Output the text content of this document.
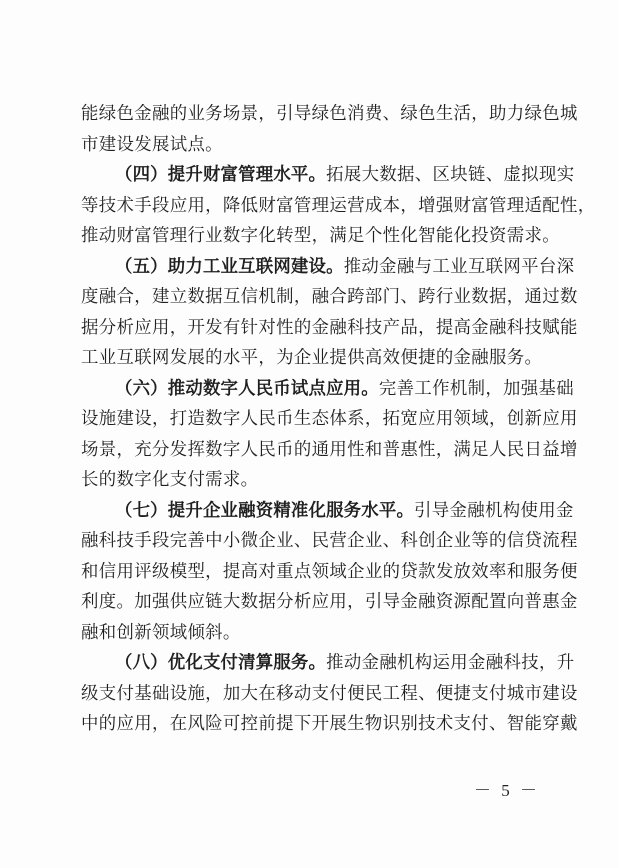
能绿色金融的业务场景，引导绿色消费、绿色生活，助力绿色城
市建设发展试点。
（四）提升财富管理水平。拓展大数据、区块链、虚拟现实
等技术手段应用，降低财富管理运营成本，增强财富管理适配性，
推动财富管理行业数字化转型，满足个性化智能化投资需求。
（五）助力工业互联网建设。推动金融与工业互联网平台深
度融合，建立数据互信机制，融合跨部门、跨行业数据，通过数
据分析应用，开发有针对性的金融科技产品，提高金融科技赋能
工业互联网发展的水平，为企业提供高效便捷的金融服务。
（六）推动数字人民币试点应用。完善工作机制，加强基础
设施建设，打造数字人民币生态体系，拓宽应用领域，创新应用
场景，充分发挥数字人民币的通用性和普惠性，满足人民日益增
长的数字化支付需求。
（七）提升企业融资精准化服务水平。引导金融机构使用金
融科技手段完善中小微企业、民营企业、科创企业等的信贷流程
和信用评级模型，提高对重点领域企业的贷款发放效率和服务便
利度。加强供应链大数据分析应用，引导金融资源配置向普惠金
融和创新领域倾斜。
（八）优化支付清算服务。推动金融机构运用金融科技，升
级支付基础设施，加大在移动支付便民工程、便捷支付城市建设
中的应用，在风险可控前提下开展生物识别技术支付、智能穿戴
－ 5 －
